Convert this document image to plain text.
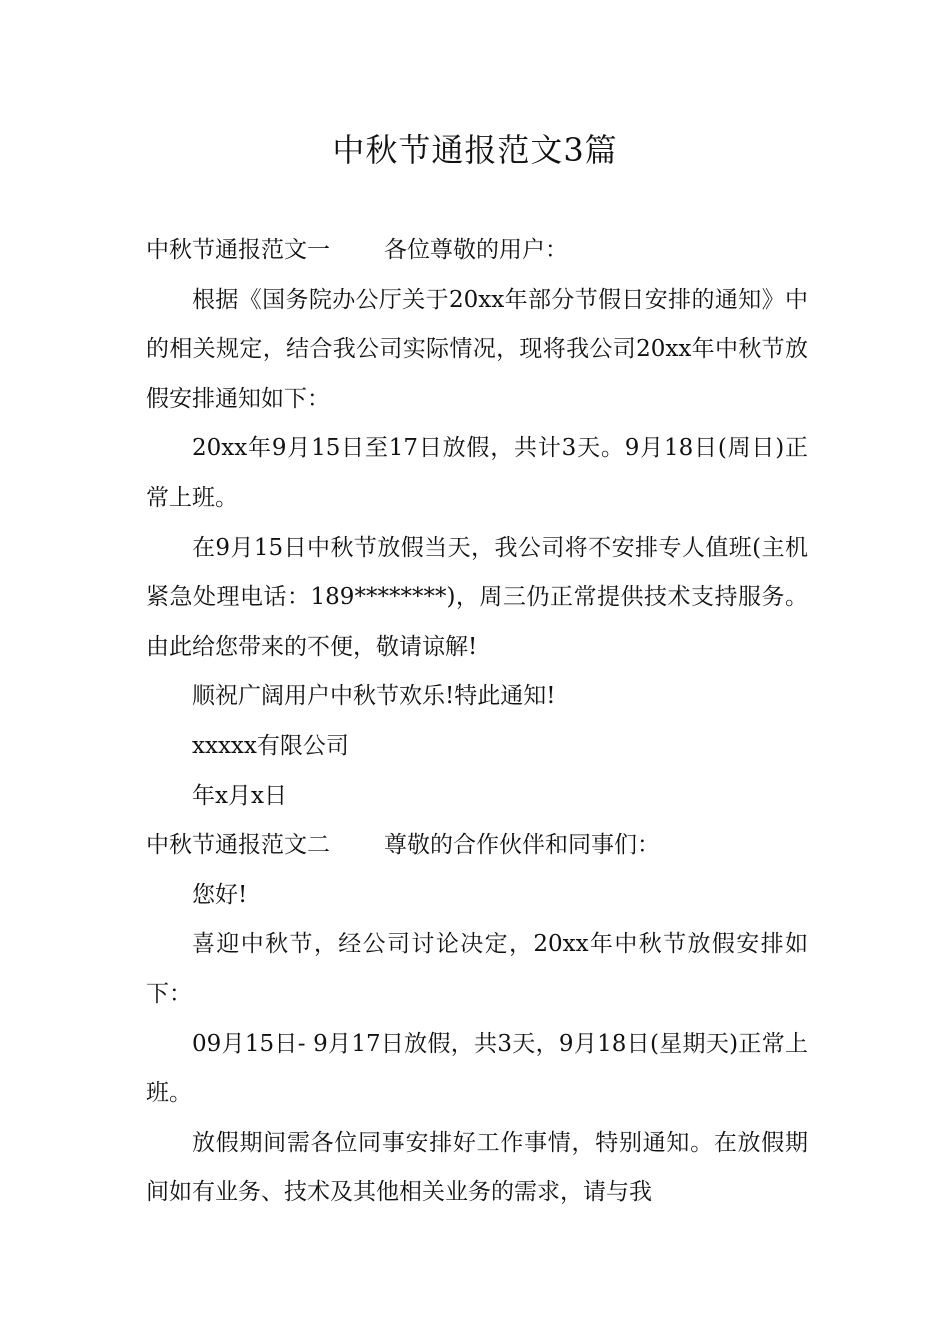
中秋节通报范文3篇

中秋节通报范文一 各位尊敬的用户：

根据《国务院办公厅关于20xx年部分节假日安排的通知》中的相关规定，结合我公司实际情况，现将我公司20xx年中秋节放假安排通知如下：

20xx年9月15日至17日放假，共计3天。9月18日(周日)正常上班。

在9月15日中秋节放假当天，我公司将不安排专人值班(主机紧急处理电话：189********)，周三仍正常提供技术支持服务。由此给您带来的不便，敬请谅解!

顺祝广阔用户中秋节欢乐!特此通知!

xxxxx有限公司

年x月x日

中秋节通报范文二 尊敬的合作伙伴和同事们：

您好!

喜迎中秋节，经公司讨论决定，20xx年中秋节放假安排如下：

09月15日- 9月17日放假，共3天，9月18日(星期天)正常上班。

放假期间需各位同事安排好工作事情，特别通知。在放假期间如有业务、技术及其他相关业务的需求，请与我
